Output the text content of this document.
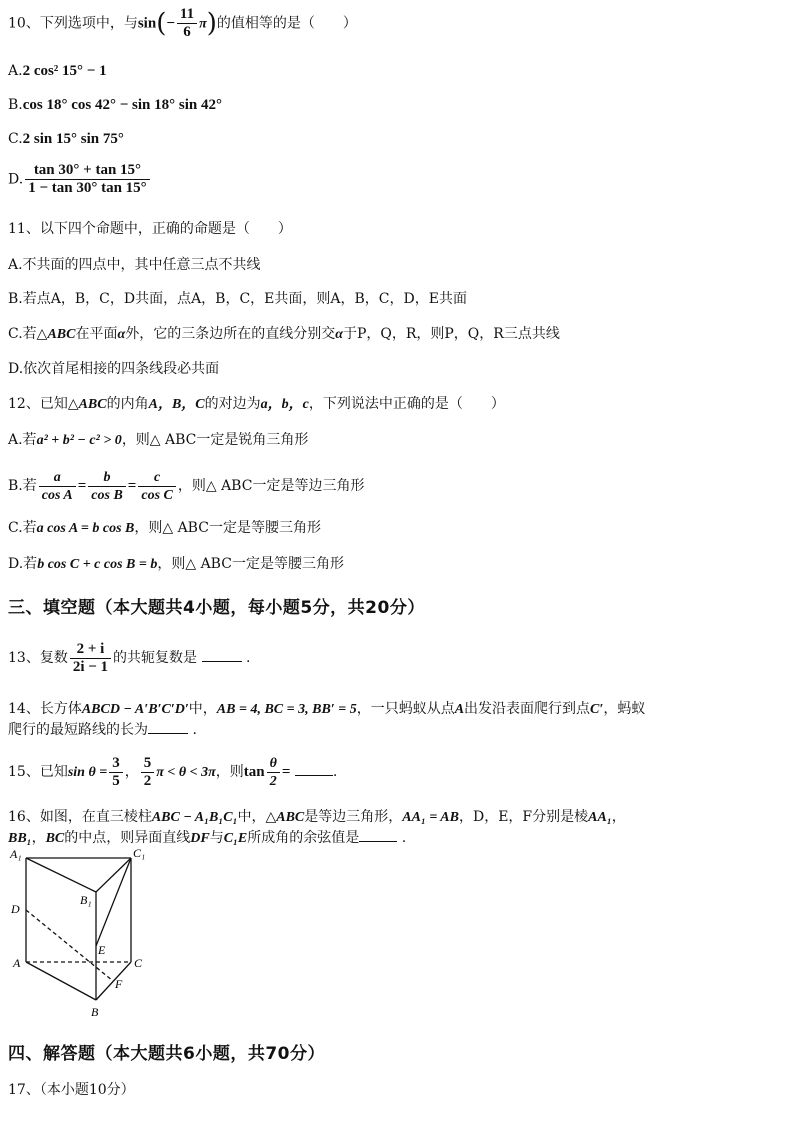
10、下列选项中，与$\sin(- \frac{11}{6} \pi)$的值相等的是（　　）
A.2 cos² 15° − 1
B.cos 18° cos 42° − sin 18° sin 42°
C.2 sin 15° sin 75°
D. $\frac{\tan 30^\circ + \tan 15^\circ}{1 - \tan 30^\circ \tan 15^\circ}$
11、以下四个命题中，正确的命题是（　　）
A.不共面的四点中，其中任意三点不共线
B.若点A，B，C，D共面，点A，B，C，E共面，则A，B，C，D，E共面
C.若△ABC在平面α外，它的三条边所在的直线分别交α于P，Q，R，则P，Q，R三点共线
D.依次首尾相接的四条线段必共面
12、已知△ABC的内角A，B，C的对边为a，b，c，下列说法中正确的是（　　）
A.若a² + b² − c² > 0，则△ ABC一定是锐角三角形
B.若 $\frac{a}{\text{cos A}} = \frac{b}{\text{cos B}} = \frac{c}{\text{cos C}}$ ，则△ ABC一定是等边三角形
C.若a cos A = b cos B，则△ ABC一定是等腰三角形
D.若b cos C + c cos B = b，则△ ABC一定是等腰三角形
三、填空题（本大题共4小题，每小题5分，共20分）
13、复数 $\frac{2 + i}{2i - 1}$ 的共轭复数是	.
14、长方体ABCD − A′B′C′D′中，AB = 4, BC = 3, BB′ = 5，一只蚂蚁从点A出发沿表面爬行到点C′，蚂蚁
爬行的最短路线的长为	.
15、已知$\sin \theta = \frac{3}{5}$ ， $\frac{5}{2}$ π < θ < 3π，则$\tan \frac{\theta}{2}$ =	.
16、如图，在直三棱柱ABC − A₁B₁C₁中，△ABC是等边三角形，AA₁ = AB，D，E，F分别是棱AA₁，
BB₁，BC的中点，则异面直线DF与C₁E所成角的余弦值是	.
A₁	C₁
B₁
D
E
A	C
F
B
四、解答题（本大题共6小题，共70分）
17、（本小题10分）
